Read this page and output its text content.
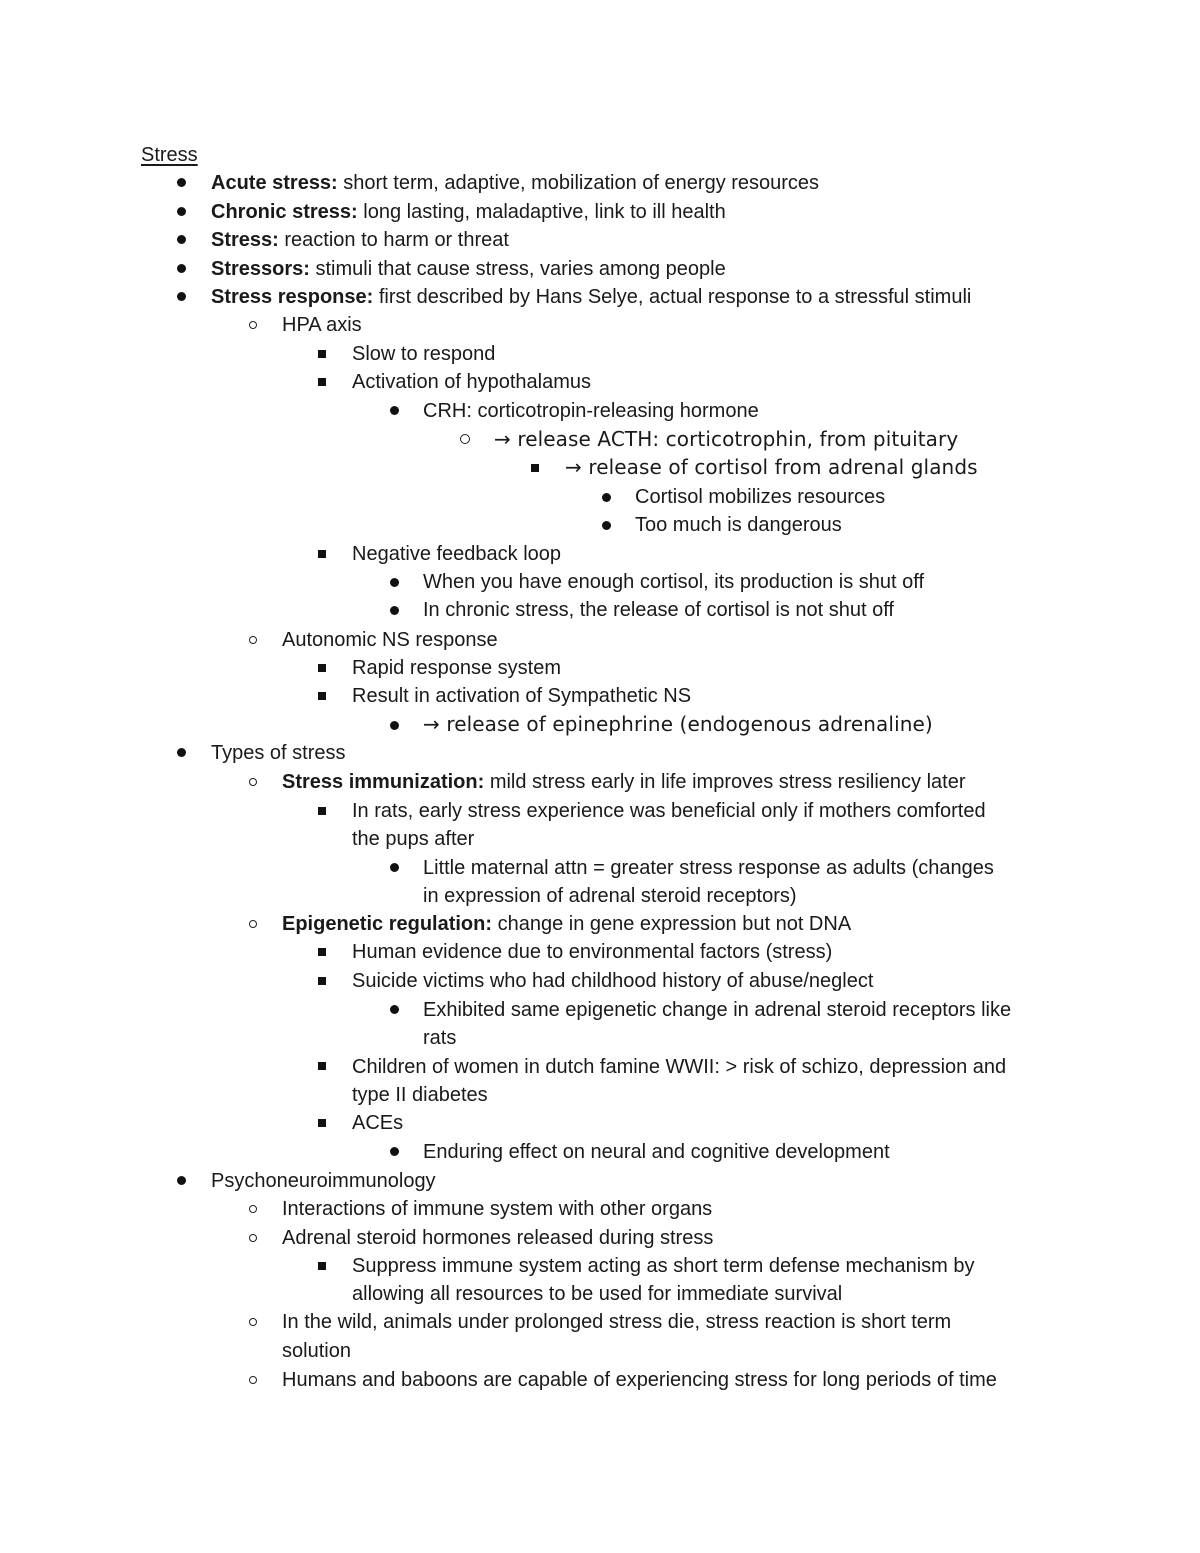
Stress
Acute stress: short term, adaptive, mobilization of energy resources
Chronic stress: long lasting, maladaptive, link to ill health
Stress: reaction to harm or threat
Stressors: stimuli that cause stress, varies among people
Stress response: first described by Hans Selye, actual response to a stressful stimuli
HPA axis
Slow to respond
Activation of hypothalamus
CRH: corticotropin-releasing hormone
→ release ACTH: corticotrophin, from pituitary
→ release of cortisol from adrenal glands
Cortisol mobilizes resources
Too much is dangerous
Negative feedback loop
When you have enough cortisol, its production is shut off
In chronic stress, the release of cortisol is not shut off
Autonomic NS response
Rapid response system
Result in activation of Sympathetic NS
→ release of epinephrine (endogenous adrenaline)
Types of stress
Stress immunization: mild stress early in life improves stress resiliency later
In rats, early stress experience was beneficial only if mothers comforted
the pups after
Little maternal attn = greater stress response as adults (changes
in expression of adrenal steroid receptors)
Epigenetic regulation: change in gene expression but not DNA
Human evidence due to environmental factors (stress)
Suicide victims who had childhood history of abuse/neglect
Exhibited same epigenetic change in adrenal steroid receptors like
rats
Children of women in dutch famine WWII: > risk of schizo, depression and
type II diabetes
ACEs
Enduring effect on neural and cognitive development
Psychoneuroimmunology
Interactions of immune system with other organs
Adrenal steroid hormones released during stress
Suppress immune system acting as short term defense mechanism by
allowing all resources to be used for immediate survival
In the wild, animals under prolonged stress die, stress reaction is short term
solution
Humans and baboons are capable of experiencing stress for long periods of time
